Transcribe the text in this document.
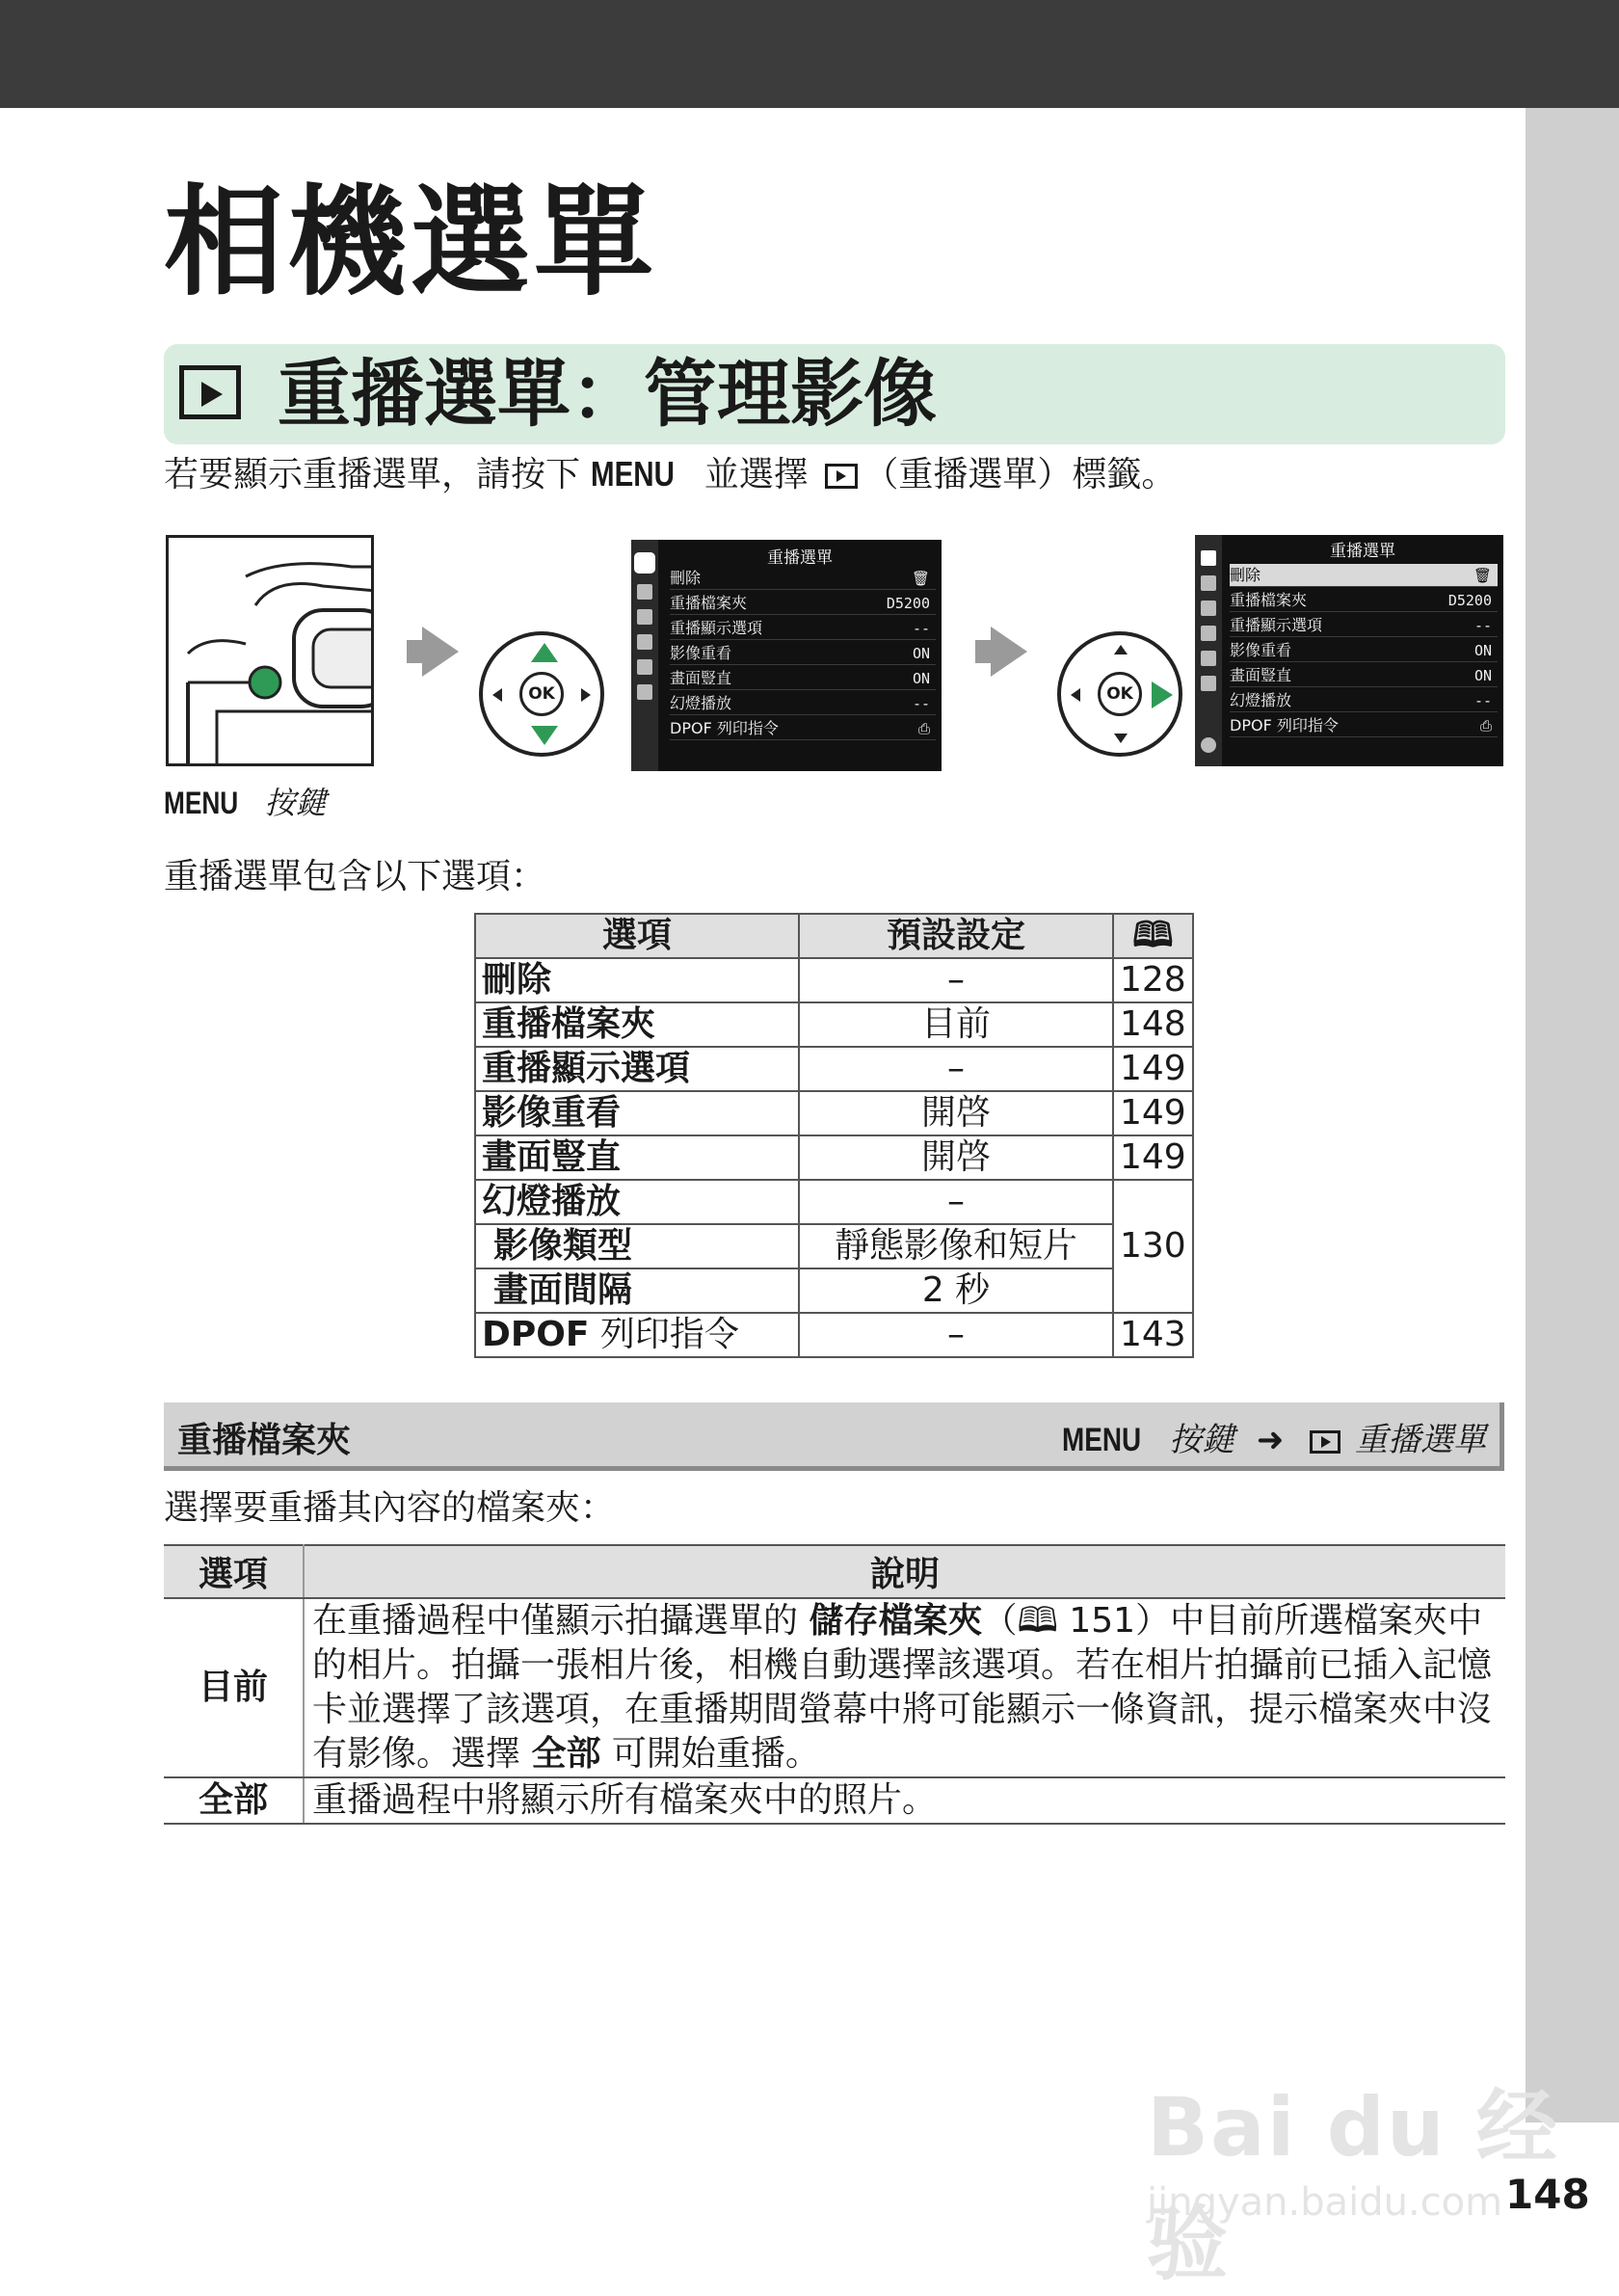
相機選單
重播選單：管理影像
若要顯示重播選單，請按下 MENU 並選擇
（重播選單）標籤。
OK
重播選單
刪除	🗑
重播檔案夾	D5200
重播顯示選項	--
影像重看	ON
畫面豎直	ON
幻燈播放	--
DPOF 列印指令	⎙
OK
重播選單
刪除	🗑
重播檔案夾	D5200
重播顯示選項	--
影像重看	ON
畫面豎直	ON
幻燈播放	--
DPOF 列印指令	⎙
MENU 按鍵
重播選單包含以下選項：
選項	預設設定	🕮
刪除	–	128
重播檔案夾	目前	148
重播顯示選項	–	149
影像重看	開啓	149
畫面豎直	開啓	149
幻燈播放	–	130
影像類型	靜態影像和短片	
畫面間隔	2 秒	
DPOF 列印指令	–	143
重播檔案夾	MENU 按鍵 ➜ 重播選單
選擇要重播其內容的檔案夾：
選項	說明
目前	在重播過程中僅顯示拍攝選單的 儲存檔案夾（🕮 151）中目前所選檔案夾中的相片。拍攝一張相片後，相機自動選擇該選項。若在相片拍攝前已插入記憶卡並選擇了該選項，在重播期間螢幕中將可能顯示一條資訊，提示檔案夾中沒有影像。選擇 全部 可開始重播。
全部	重播過程中將顯示所有檔案夾中的照片。
Bai du 经验
jingyan.baidu.com 148
